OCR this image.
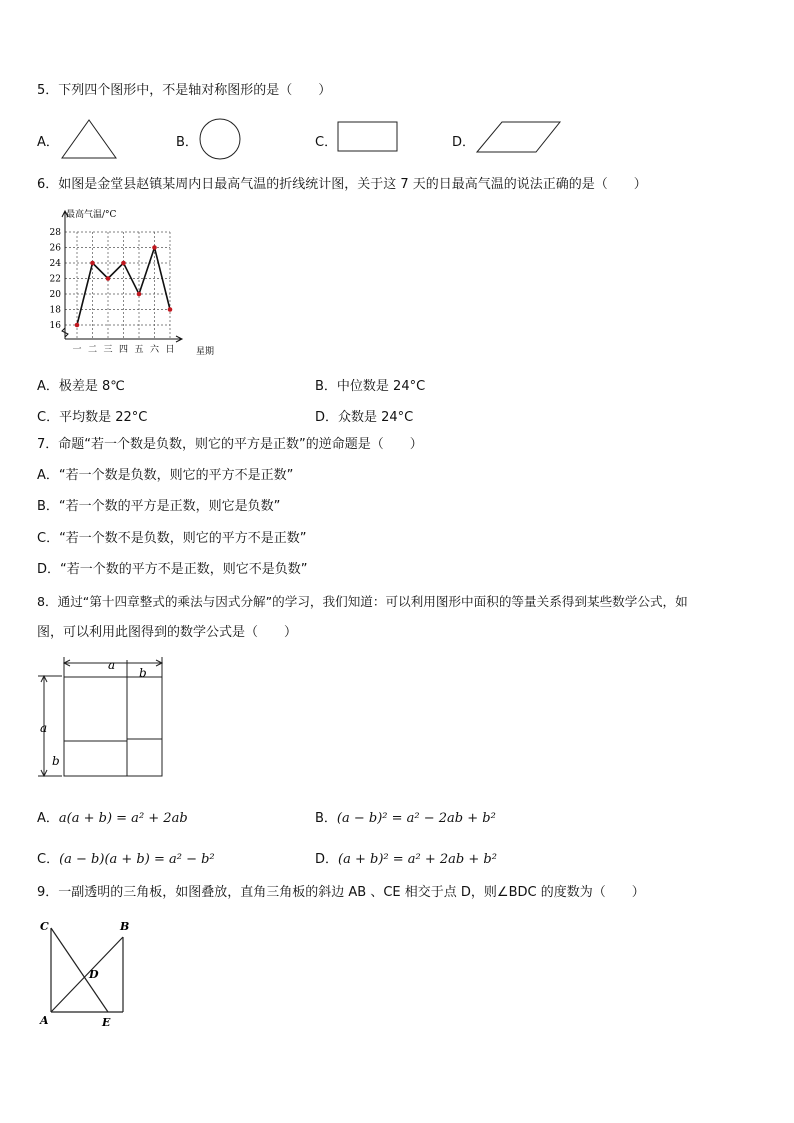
5．下列四个图形中，不是轴对称图形的是（　　）
A．	B．	C．	D．
6．如图是金堂县赵镇某周内日最高气温的折线统计图，关于这 7 天的日最高气温的说法正确的是（　　）
最高气温/°C
星期
16
18
20
22
24
26
28
一 二 三 四 五 六 日
A．极差是 8℃	B．中位数是 24°C
C．平均数是 22°C	D．众数是 24°C
7．命题“若一个数是负数，则它的平方是正数”的逆命题是（　　）
A．“若一个数是负数，则它的平方不是正数”
B．“若一个数的平方是正数，则它是负数”
C．“若一个数不是负数，则它的平方不是正数”
D．“若一个数的平方不是正数，则它不是负数”
8．通过“第十四章整式的乘法与因式分解”的学习，我们知道：可以利用图形中面积的等量关系得到某些数学公式，如
图，可以利用此图得到的数学公式是（　　）
a
b
a
b
A．a(a + b) = a² + 2ab	B．(a − b)² = a² − 2ab + b²
C．(a − b)(a + b) = a² − b²	D．(a + b)² = a² + 2ab + b²
9．一副透明的三角板，如图叠放，直角三角板的斜边 AB 、CE 相交于点 D，则∠BDC 的度数为（　　）
C	B
D
A	E
